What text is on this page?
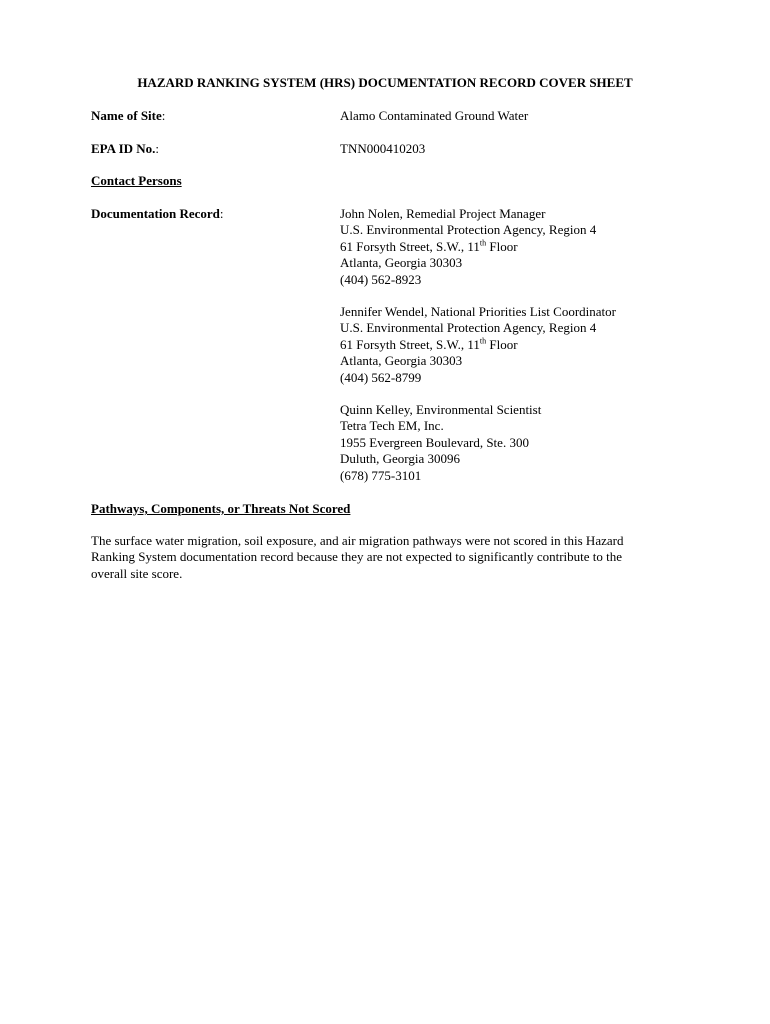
HAZARD RANKING SYSTEM (HRS) DOCUMENTATION RECORD COVER SHEET
Name of Site:	Alamo Contaminated Ground Water
EPA ID No.:	TNN000410203
Contact Persons
Documentation Record:	John Nolen, Remedial Project Manager
U.S. Environmental Protection Agency, Region 4
61 Forsyth Street, S.W., 11th Floor
Atlanta, Georgia 30303
(404) 562-8923
Jennifer Wendel, National Priorities List Coordinator
U.S. Environmental Protection Agency, Region 4
61 Forsyth Street, S.W., 11th Floor
Atlanta, Georgia 30303
(404) 562-8799
Quinn Kelley, Environmental Scientist
Tetra Tech EM, Inc.
1955 Evergreen Boulevard, Ste. 300
Duluth, Georgia 30096
(678) 775-3101
Pathways, Components, or Threats Not Scored
The surface water migration, soil exposure, and air migration pathways were not scored in this Hazard
Ranking System documentation record because they are not expected to significantly contribute to the
overall site score.
